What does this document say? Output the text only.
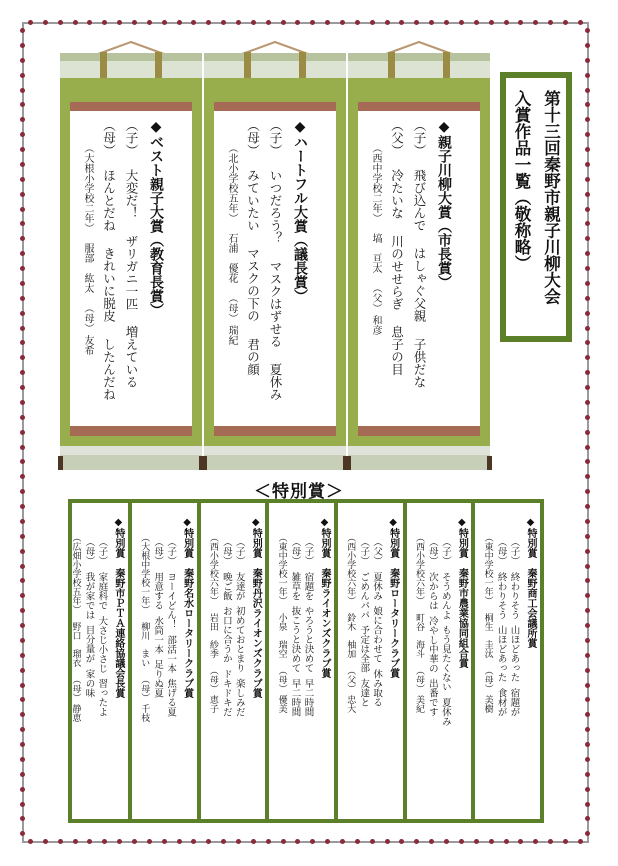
◆親子川柳大賞（市長賞）
（子）飛び込んではしゃぐ父親子供だな
（父）冷たいな川のせせらぎ息子の目
（西中学校二年）塙　亘太（父）和彦
◆ハートフル大賞（議長賞）
（子）いつだろう？マスクはずせる夏休み
（母）みていたいマスクの下の君の顔
（北小学校五年）石浦　優花（母）瑞紀
◆ベスト親子大賞（教育長賞）
（子）大変だ！ザリガニ一匹増えている
（母）ほんとだねきれいに脱皮したんだね
（大根小学校二年）服部　紘太（母）友希
第十三回秦野市親子川柳大会
入賞作品一覧（敬称略）
＜特別賞＞
◆特別賞　秦野商工会議所賞
（子）終わりそう山ほどあった宿題が
（母）終わりそう山ほどあった食材が
（東中学校一年）桐生　圭汰（母）美樹
◆特別賞　秦野市農業協同組合賞
（子）そうめんよもう見たくない夏休み
（母）次からは冷やし中華の出番です
（西小学校六年）町谷　海斗（母）美紀
◆特別賞　秦野ロータリークラブ賞
（父）夏休み娘に合わせて休み取る
（子）ごめんパパ予定は全部友達と
（西小学校六年）鈴木　柚加（父）忠大
◆特別賞　秦野ライオンズクラブ賞
（子）宿題をやろうと決めて早二時間
（母）雑草を抜こうと決めて早二時間
（東中学校一年）小泉　瑞空（母）優美
◆特別賞　秦野丹沢ライオンズクラブ賞
（子）友達が初めておとまり楽しみだ
（母）晩ご飯お口に合うかドキドキだ
（西小学校六年）岩田　紗季（母）恵子
◆特別賞　秦野名水ロータリークラブ賞
（子）ヨーイどん！部活一本焦げる夏
（母）用意する水筒一本足りぬ夏
（大根中学校一年）柳川　まい（母）千枝
◆特別賞　秦野市ＰＴＡ連絡協議会長賞
（子）家庭科で大さじ小さじ習ったよ
（母）我が家では目分量が家の味
（広畑小学校五年）野口　瑠衣（母）静恵
